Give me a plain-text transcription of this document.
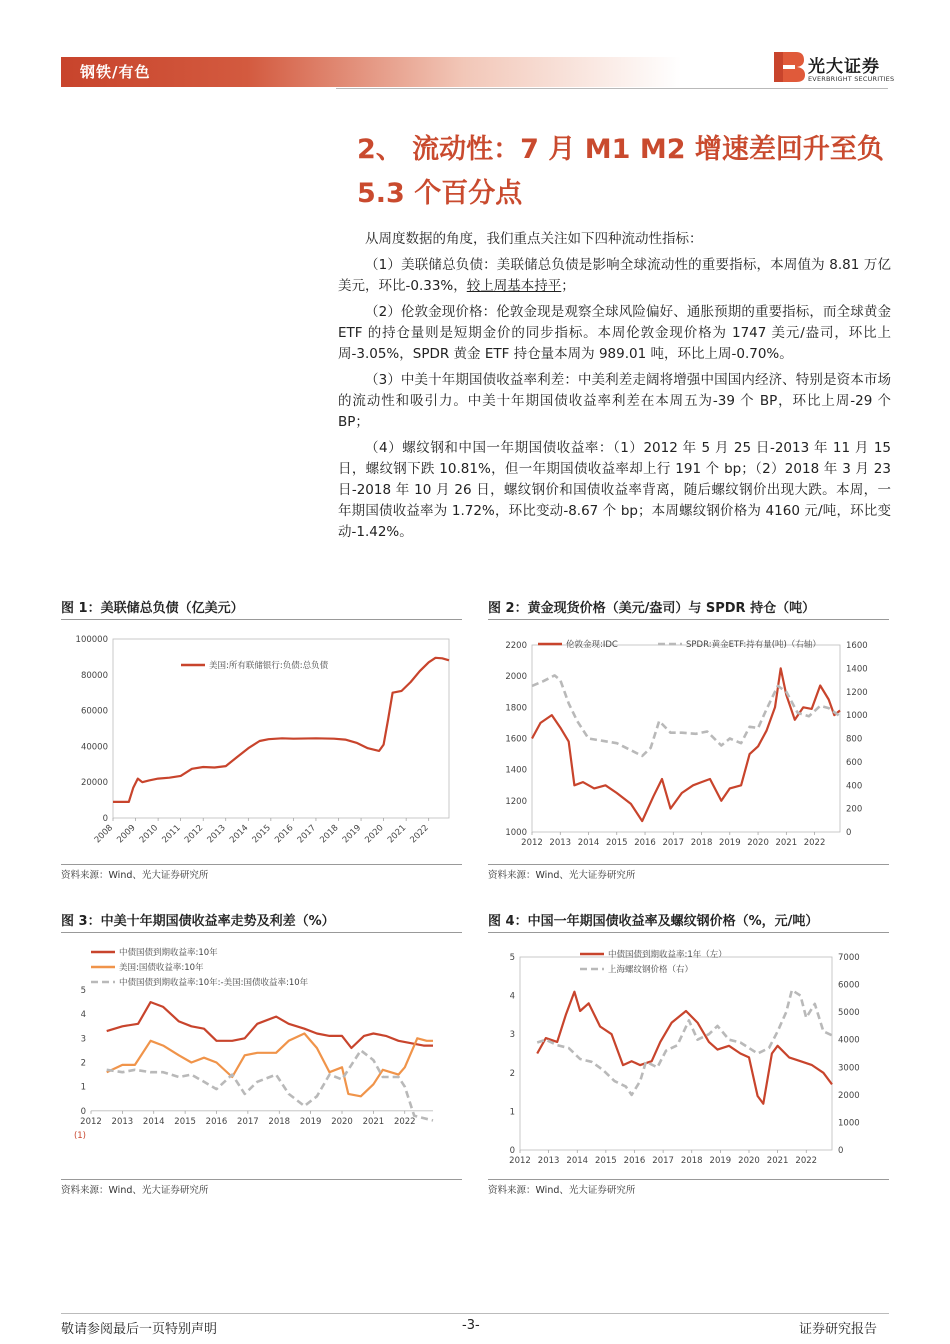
钢铁/有色	光大证券
EVERBRIGHT SECURITIES
2、 流动性：7 月 M1 M2 增速差回升至负 5.3 个百分点

从周度数据的角度，我们重点关注如下四种流动性指标：

（1）美联储总负债：美联储总负债是影响全球流动性的重要指标，本周值为 8.81 万亿美元，环比-0.33%，较上周基本持平；

（2）伦敦金现价格：伦敦金现是观察全球风险偏好、通胀预期的重要指标，而全球黄金 ETF 的持仓量则是短期金价的同步指标。本周伦敦金现价格为 1747 美元/盎司，环比上周-3.05%，SPDR 黄金 ETF 持仓量本周为 989.01 吨，环比上周-0.70%。

（3）中美十年期国债收益率利差：中美利差走阔将增强中国国内经济、特别是资本市场的流动性和吸引力。中美十年期国债收益率利差在本周五为-39 个 BP，环比上周-29 个 BP；

（4）螺纹钢和中国一年期国债收益率：（1）2012 年 5 月 25 日-2013 年 11 月 15 日，螺纹钢下跌 10.81%，但一年期国债收益率却上行 191 个 bp；（2）2018 年 3 月 23 日-2018 年 10 月 26 日，螺纹钢价和国债收益率背离，随后螺纹钢价出现大跌。本周，一年期国债收益率为 1.72%，环比变动-8.67 个 bp；本周螺纹钢价格为 4160 元/吨，环比变动-1.42%。

图 1：美联储总负债（亿美元）
100000
80000
60000
40000
20000
0
2008 2009 2010 2011 2012 2013 2014 2015 2016 2017 2018 2019 2020 2021 2022
美国:所有联储银行:负债:总负债
资料来源：Wind、光大证券研究所
图 2：黄金现货价格（美元/盎司）与 SPDR 持仓（吨）
2200
2000
1800
1600
1400
1200
1000
1600
1400
1200
1000
800
600
400
200
0
2012 2013 2014 2015 2016 2017 2018 2019 2020 2021 2022
伦敦金现:IDC	SPDR:黄金ETF:持有量(吨)（右轴）
资料来源：Wind、光大证券研究所
图 3：中美十年期国债收益率走势及利差（%）
5
4
3
2
1
0
(1)
2012 2013 2014 2015 2016 2017 2018 2019 2020 2021 2022
中债国债到期收益率:10年
美国:国债收益率:10年
中债国债到期收益率:10年:-美国:国债收益率:10年
资料来源：Wind、光大证券研究所
图 4：中国一年期国债收益率及螺纹钢价格（%，元/吨）
5
4
3
2
1
0
7000
6000
5000
4000
3000
2000
1000
0
2012 2013 2014 2015 2016 2017 2018 2019 2020 2021 2022
中债国债到期收益率:1年（左）
上海螺纹钢价格（右）
资料来源：Wind、光大证券研究所
敬请参阅最后一页特别声明	-3-	证券研究报告
